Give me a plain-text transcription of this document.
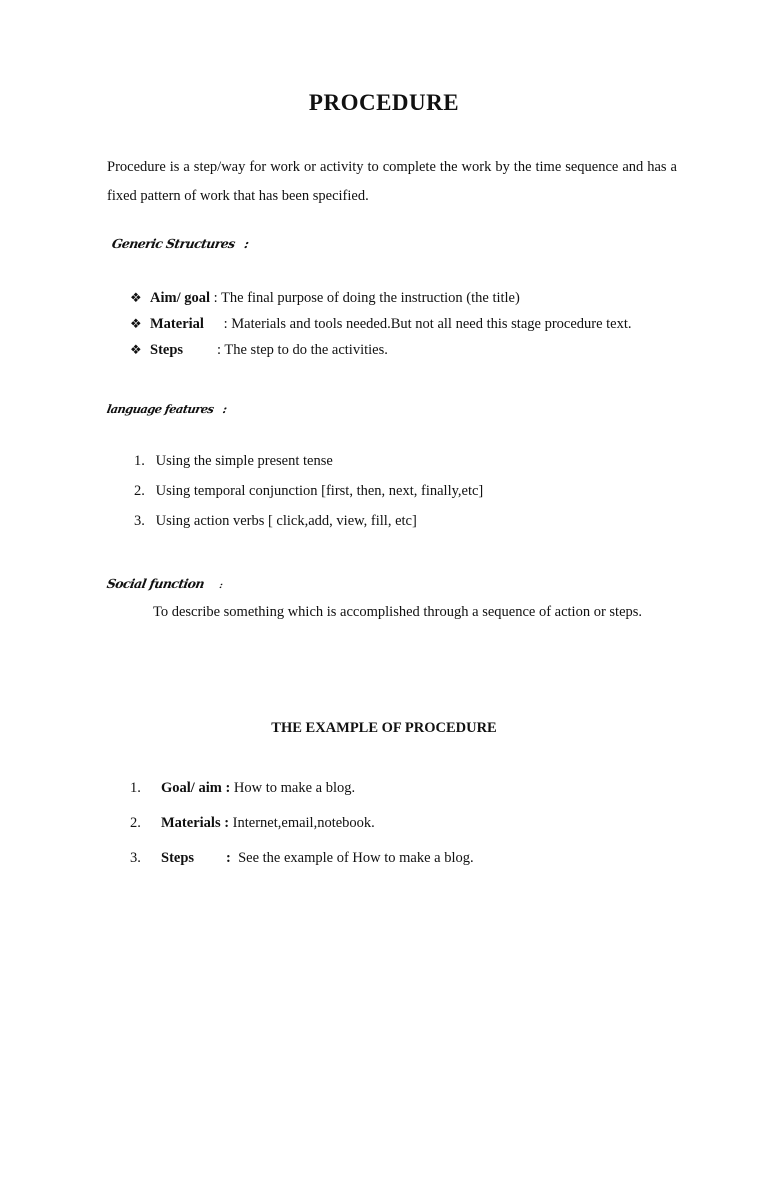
PROCEDURE
Procedure is a step/way for work or activity to complete the work by the time sequence and has a fixed pattern of work that has been specified.
Generic Structures :
❖ Aim/ goal : The final purpose of doing the instruction (the title)
❖ Material : Materials and tools needed.But not all need this stage procedure text.
❖ Steps : The step to do the activities.
language features :
1. Using the simple present tense
2. Using temporal conjunction [first, then, next, finally,etc]
3. Using action verbs [ click,add, view, fill, etc]
Social function :
To describe something which is accomplished through a sequence of action or steps.
THE EXAMPLE OF PROCEDURE
1. Goal/ aim : How to make a blog.
2. Materials : Internet,email,notebook.
3. Steps :  See the example of How to make a blog.
